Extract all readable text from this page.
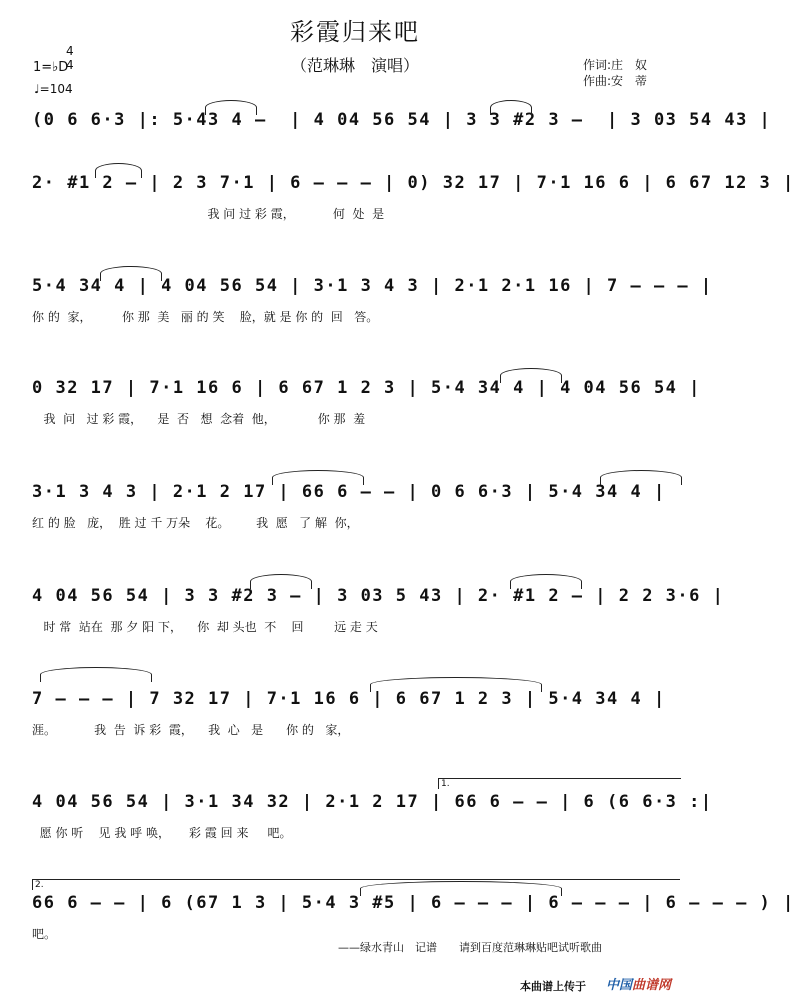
彩霞归来吧
（范琳琳　演唱）	作词:庄　奴
作曲:安　蒂
1=♭D
4
4
♩=104
(0 6 6·3 |: 5·43 4 –  | 4 04 56 54 | 3 3 #2 3 –  | 3 03 54 43 |
2· #1 2 – | 2 3 7·1 | 6 – – – | 0) 32 17 | 7·1 16 6 | 6 67 12 3 |
我 问 过 彩 霞，          何  处  是
5·4 34 4 | 4 04 56 54 | 3·1 3 4 3 | 2·1 2·1 16 | 7 – – – |
你 的  家，        你 那  美   丽 的 笑    脸，就 是 你 的  回   答。
0 32 17 | 7·1 16 6 | 6 67 1 2 3 | 5·4 34 4 | 4 04 56 54 |
我  问   过 彩 霞，    是  否   想  念着  他，           你 那  羞
3·1 3 4 3 | 2·1 2 17 | 66 6 – – | 0 6 6·3 | 5·4 34 4 |
红 的 脸   庞，  胜 过 千 万朵    花。       我  愿   了 解  你，
4 04 56 54 | 3 3 #2 3 – | 3 03 5 43 | 2· #1 2 – | 2 2 3·6 |
时 常  站在  那 夕 阳 下，    你  却 头也  不    回        远 走 天
7 – – – | 7 32 17 | 7·1 16 6 | 6 67 1 2 3 | 5·4 34 4 |
涯。          我  告  诉 彩  霞，    我  心   是      你 的   家，
1.
4 04 56 54 | 3·1 34 32 | 2·1 2 17 | 66 6 – – | 6 (6 6·3 :|
愿 你 听    见 我 呼 唤，     彩 霞 回 来     吧。
2.
66 6 – – | 6 (67 1 3 | 5·4 3 #5 | 6 – – – | 6 – – – | 6 – – – ) |
吧。
——绿水青山　记谱　　请到百度范琳琳贴吧试听歌曲
本曲谱上传于 中国曲谱网
